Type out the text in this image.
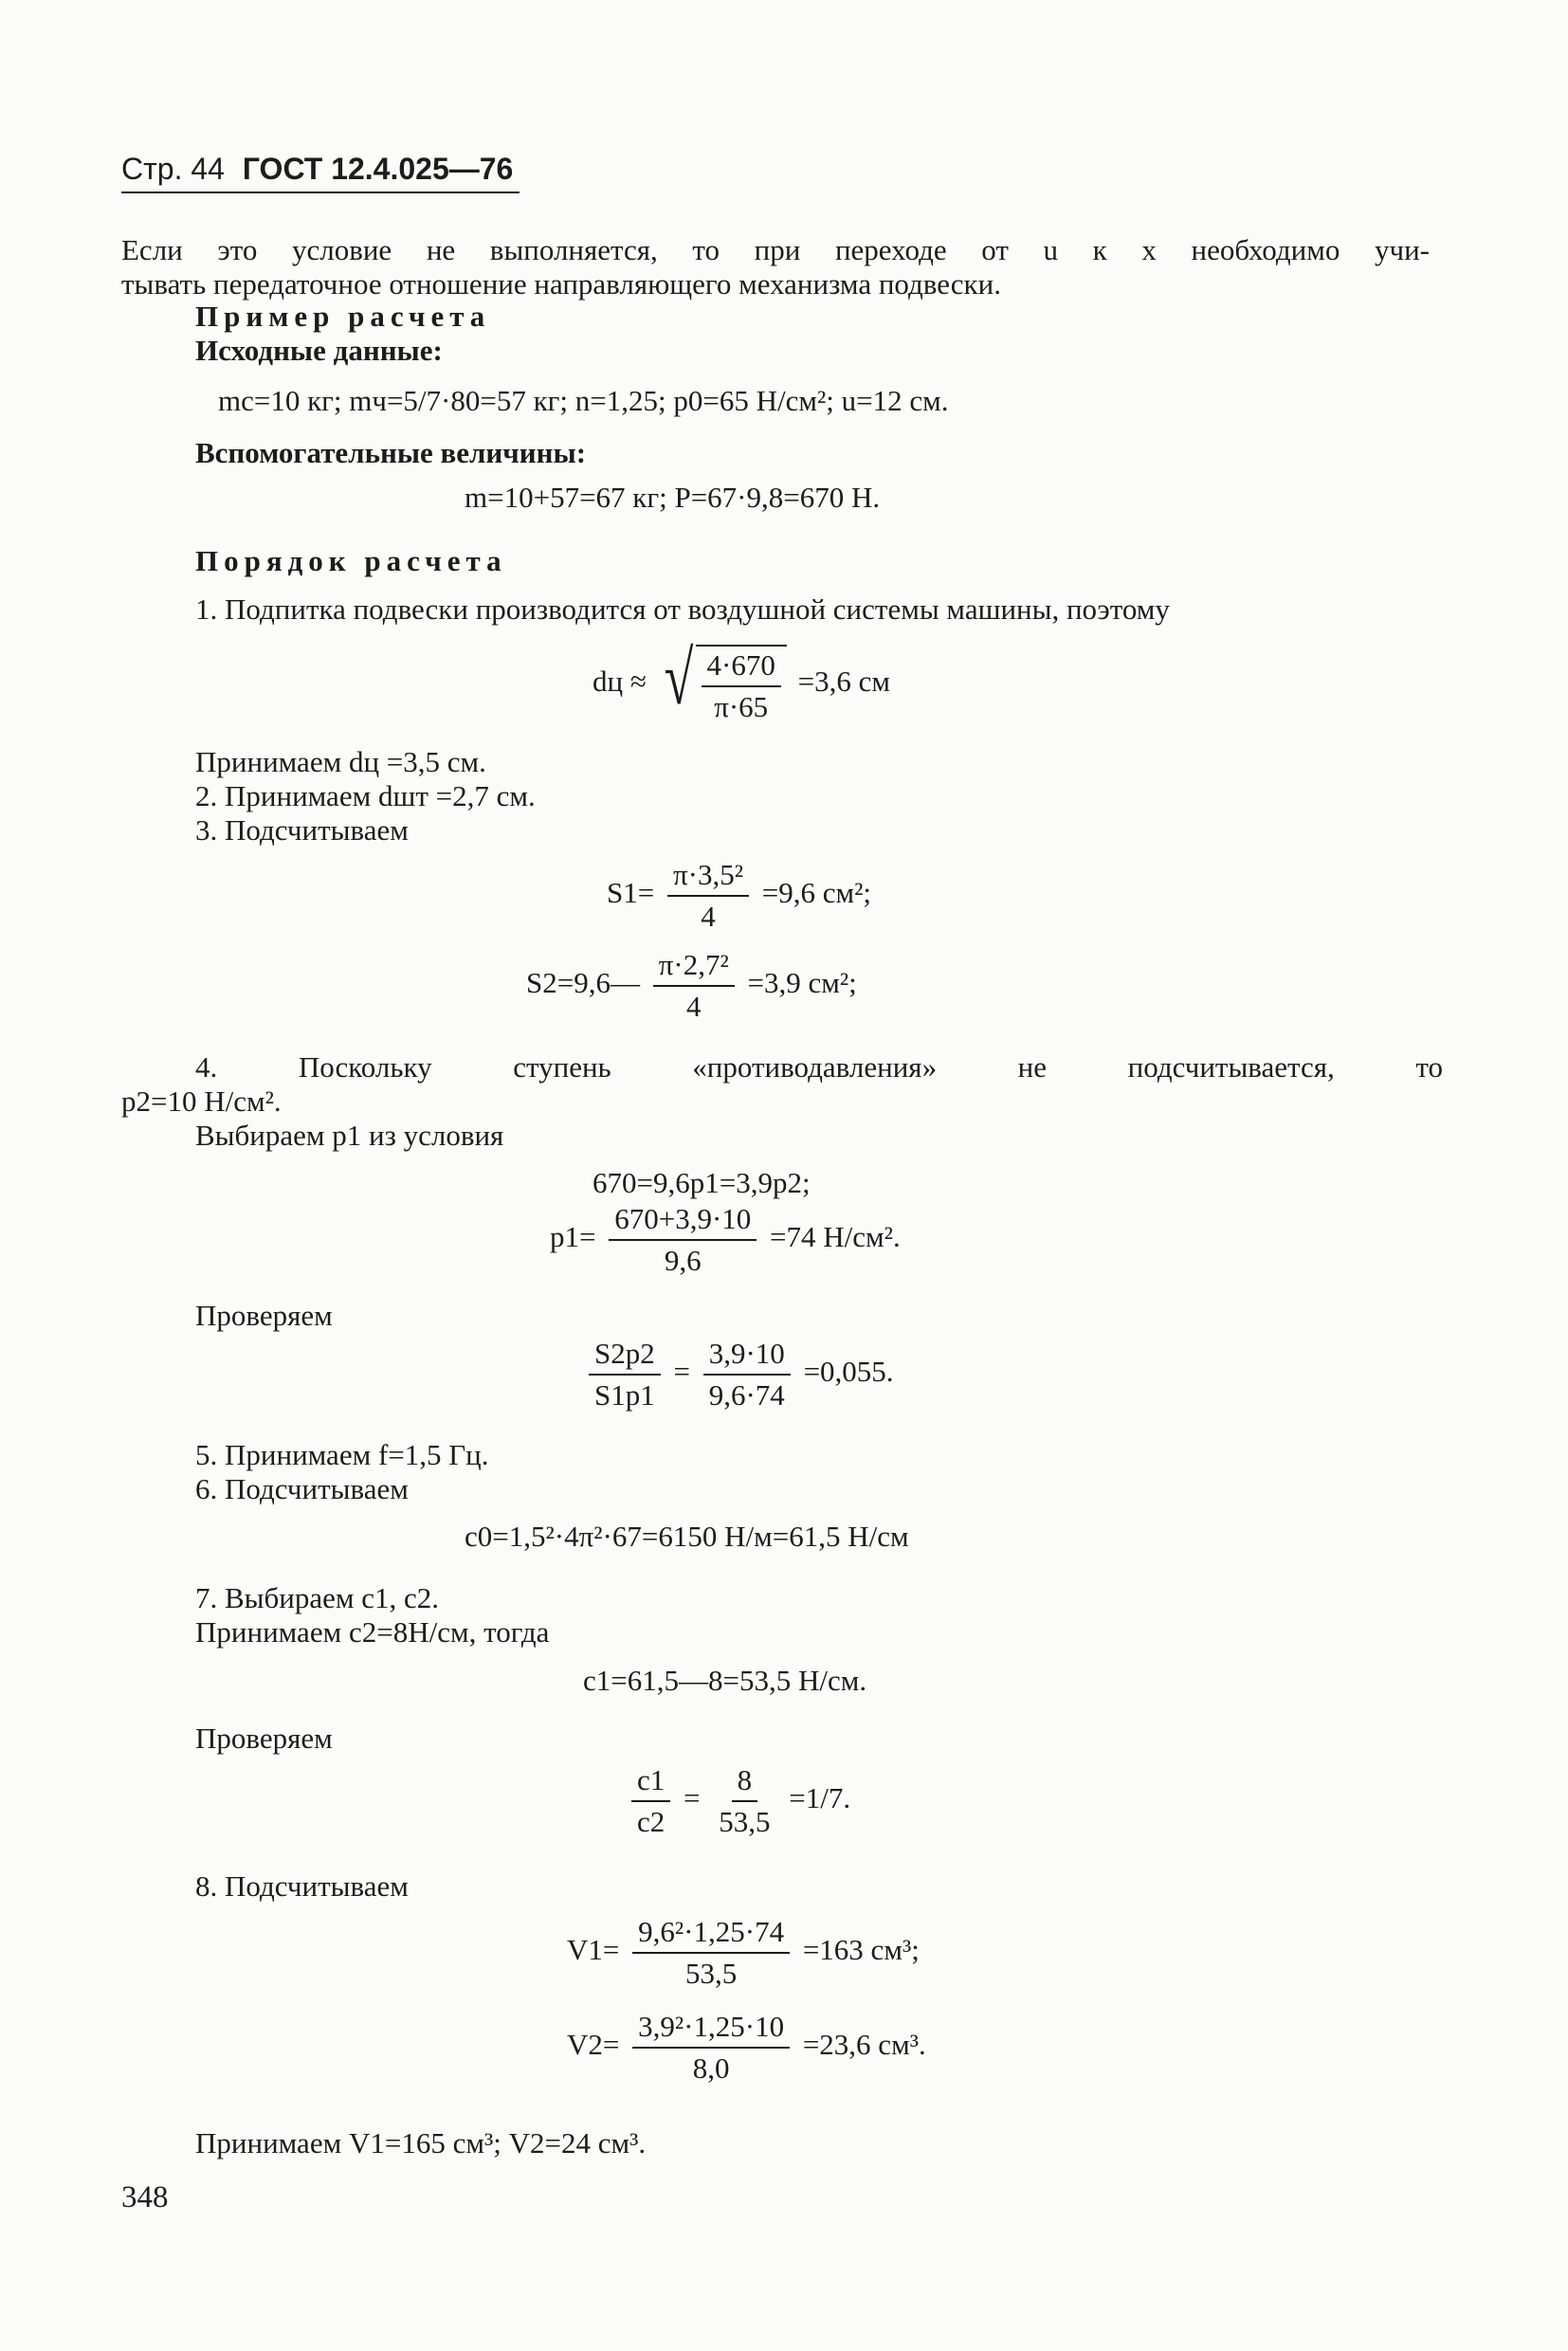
Стр. 44 ГОСТ 12.4.025—76
Если это условие не выполняется, то при переходе от u к x необходимо учи-
тывать передаточное отношение направляющего механизма подвески.
Пример расчета
Исходные данные:
mc=10 кг; mч=5/7·80=57 кг; n=1,25; p0=65 Н/см²; u=12 см.
Вспомогательные величины:
m=10+57=67 кг; P=67·9,8=670 Н.
Порядок расчета
1. Подпитка подвески производится от воздушной системы машины, поэтому
dц ≈ √ $\frac{4\cdot 670}{\pi\cdot 65} =3,6$ см
Принимаем dц =3,5 см.
2. Принимаем dшт =2,7 см.
3. Подсчитываем
$S1= \frac{\text{π·3,5²}}{4} =9,6$ см²;
S2=9,6— $\frac{\text{π·2,7²}}{4} =3,9$ см²;
4. Поскольку ступень «противодавления» не подсчитывается, то
p2=10 Н/см².
Выбираем p1 из условия
670=9,6p1=3,9p2;
$p1= \frac{670+3,9\cdot 10}{9,6} =74$ Н/см².
Проверяем
$\frac{S2p2}{S1p1} = \frac{3,9\cdot 10}{9,6\cdot 74} =0,055$.
5. Принимаем f=1,5 Гц.
6. Подсчитываем
c0=1,5²·4π²·67=6150 Н/м=61,5 Н/см
7. Выбираем c1, c2.
Принимаем c2=8Н/см, тогда
c1=61,5—8=53,5 Н/см.
Проверяем
$\frac{c1}{c2} = \frac{8}{53,5} =1/7$.
8. Подсчитываем
$V1= \frac{\text{9,6²·1,25·74}}{53,5} =163$ см³;
$V2= \frac{\text{3,9²·1,25·10}}{8,0} =23,6$ см³.
Принимаем V1=165 см³; V2=24 см³.
348
